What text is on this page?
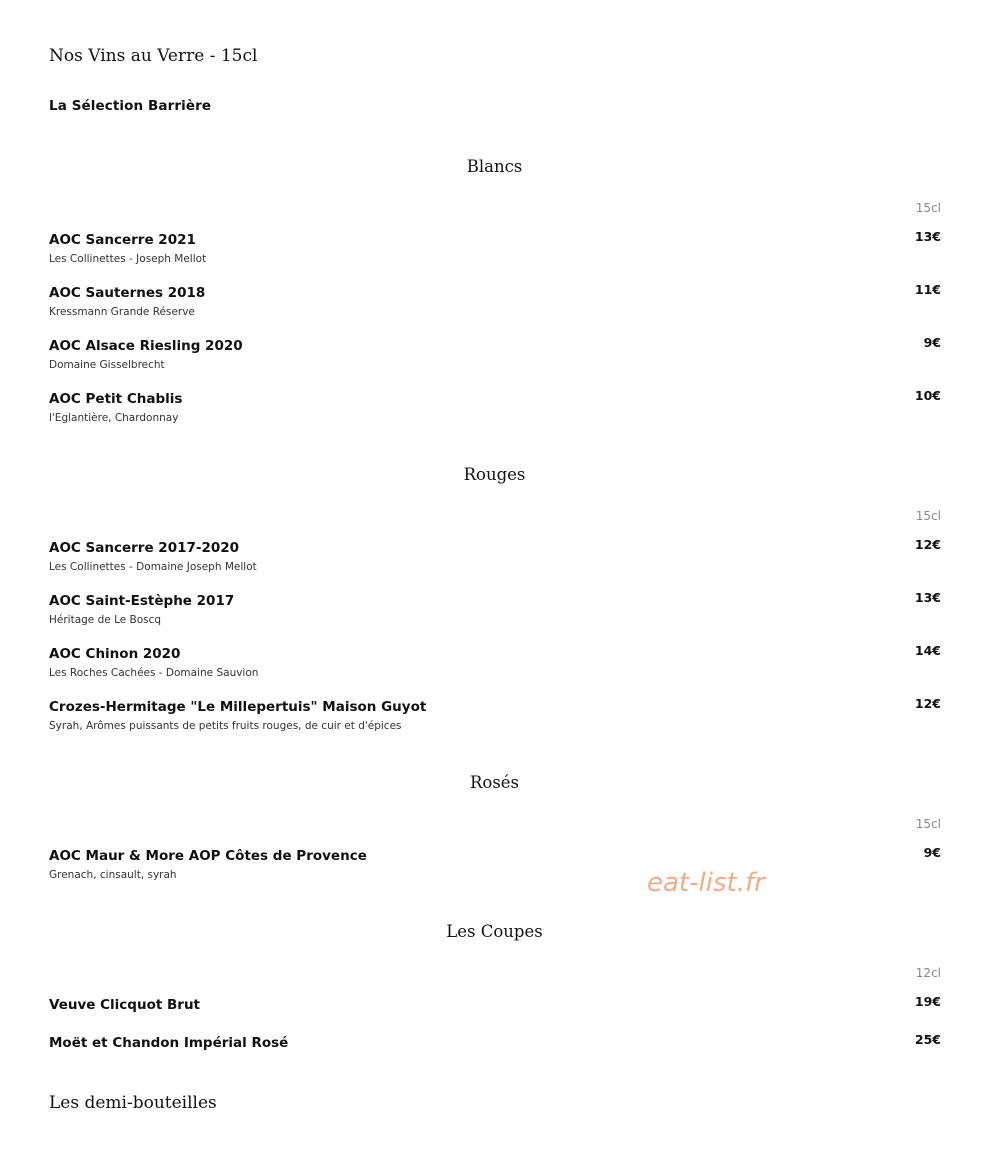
Nos Vins au Verre - 15cl
La Sélection Barrière
Blancs
15cl
AOC Sancerre 2021
Les Collinettes - Joseph Mellot
13€
AOC Sauternes 2018
Kressmann Grande Réserve
11€
AOC Alsace Riesling 2020
Domaine Gisselbrecht
9€
AOC Petit Chablis
l'Eglantière, Chardonnay
10€
Rouges
15cl
AOC Sancerre 2017-2020
Les Collinettes - Domaine Joseph Mellot
12€
AOC Saint-Estèphe 2017
Héritage de Le Boscq
13€
AOC Chinon 2020
Les Roches Cachées - Domaine Sauvion
14€
Crozes-Hermitage "Le Millepertuis" Maison Guyot
Syrah, Arômes puissants de petits fruits rouges, de cuir et d'épices
12€
Rosés
15cl
AOC Maur & More AOP Côtes de Provence
Grenach, cinsault, syrah
9€
Les Coupes
12cl
Veuve Clicquot Brut	19€
Moët et Chandon Impérial Rosé	25€
Les demi-bouteilles
eat-list.fr
